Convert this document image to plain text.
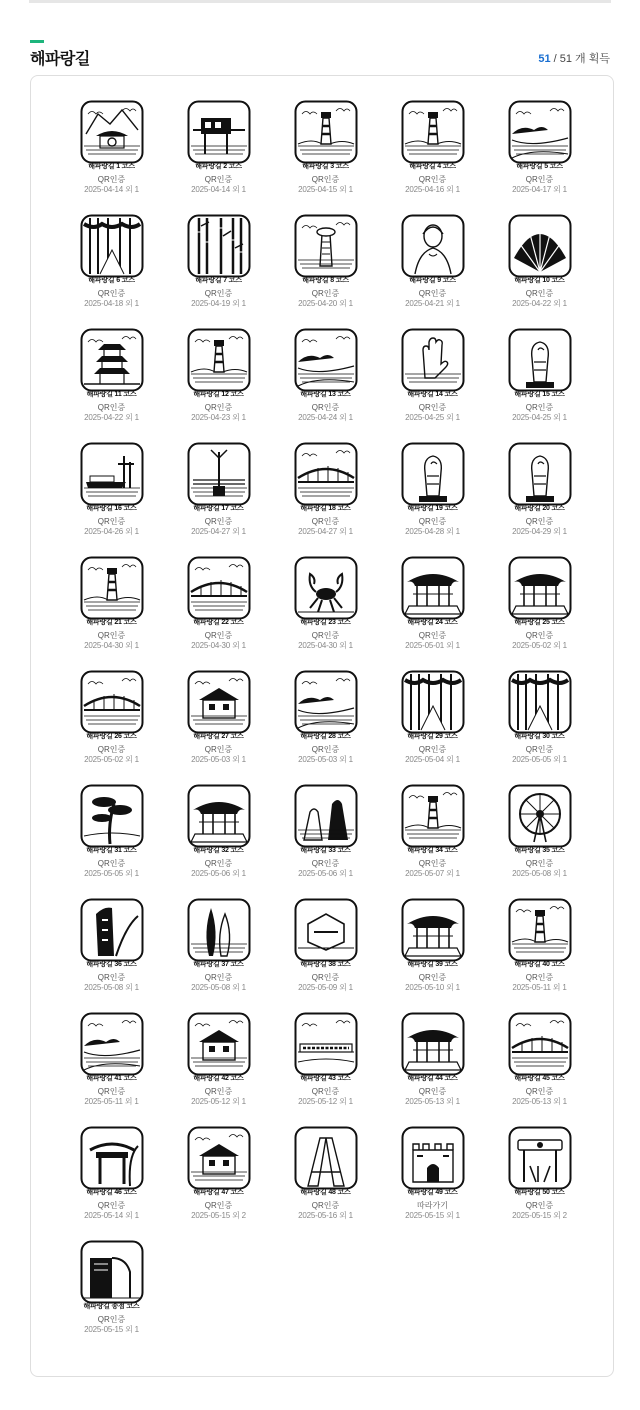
해파랑길	51 / 51 개 획득
해파랑길 1 코스
QR인증
2025-04-14 외 1
해파랑길 2 코스
QR인증
2025-04-14 외 1
해파랑길 3 코스
QR인증
2025-04-15 외 1
해파랑길 4 코스
QR인증
2025-04-16 외 1
해파랑길 5 코스
QR인증
2025-04-17 외 1
해파랑길 6 코스
QR인증
2025-04-18 외 1
해파랑길 7 코스
QR인증
2025-04-19 외 1
해파랑길 8 코스
QR인증
2025-04-20 외 1
해파랑길 9 코스
QR인증
2025-04-21 외 1
해파랑길 10 코스
QR인증
2025-04-22 외 1
해파랑길 11 코스
QR인증
2025-04-22 외 1
해파랑길 12 코스
QR인증
2025-04-23 외 1
해파랑길 13 코스
QR인증
2025-04-24 외 1
해파랑길 14 코스
QR인증
2025-04-25 외 1
해파랑길 15 코스
QR인증
2025-04-25 외 1
해파랑길 16 코스
QR인증
2025-04-26 외 1
해파랑길 17 코스
QR인증
2025-04-27 외 1
해파랑길 18 코스
QR인증
2025-04-27 외 1
해파랑길 19 코스
QR인증
2025-04-28 외 1
해파랑길 20 코스
QR인증
2025-04-29 외 1
해파랑길 21 코스
QR인증
2025-04-30 외 1
해파랑길 22 코스
QR인증
2025-04-30 외 1
해파랑길 23 코스
QR인증
2025-04-30 외 1
해파랑길 24 코스
QR인증
2025-05-01 외 1
해파랑길 25 코스
QR인증
2025-05-02 외 1
해파랑길 26 코스
QR인증
2025-05-02 외 1
해파랑길 27 코스
QR인증
2025-05-03 외 1
해파랑길 28 코스
QR인증
2025-05-03 외 1
해파랑길 29 코스
QR인증
2025-05-04 외 1
해파랑길 30 코스
QR인증
2025-05-05 외 1
해파랑길 31 코스
QR인증
2025-05-05 외 1
해파랑길 32 코스
QR인증
2025-05-06 외 1
해파랑길 33 코스
QR인증
2025-05-06 외 1
해파랑길 34 코스
QR인증
2025-05-07 외 1
해파랑길 35 코스
QR인증
2025-05-08 외 1
해파랑길 36 코스
QR인증
2025-05-08 외 1
해파랑길 37 코스
QR인증
2025-05-08 외 1
해파랑길 38 코스
QR인증
2025-05-09 외 1
해파랑길 39 코스
QR인증
2025-05-10 외 1
해파랑길 40 코스
QR인증
2025-05-11 외 1
해파랑길 41 코스
QR인증
2025-05-11 외 1
해파랑길 42 코스
QR인증
2025-05-12 외 1
해파랑길 43 코스
QR인증
2025-05-12 외 1
해파랑길 44 코스
QR인증
2025-05-13 외 1
해파랑길 45 코스
QR인증
2025-05-13 외 1
해파랑길 46 코스
QR인증
2025-05-14 외 1
해파랑길 47 코스
QR인증
2025-05-15 외 2
해파랑길 48 코스
QR인증
2025-05-16 외 1
해파랑길 49 코스
따라가기
2025-05-15 외 1
해파랑길 50 코스
QR인증
2025-05-15 외 2
해파랑길 종점 코스
QR인증
2025-05-15 외 1
